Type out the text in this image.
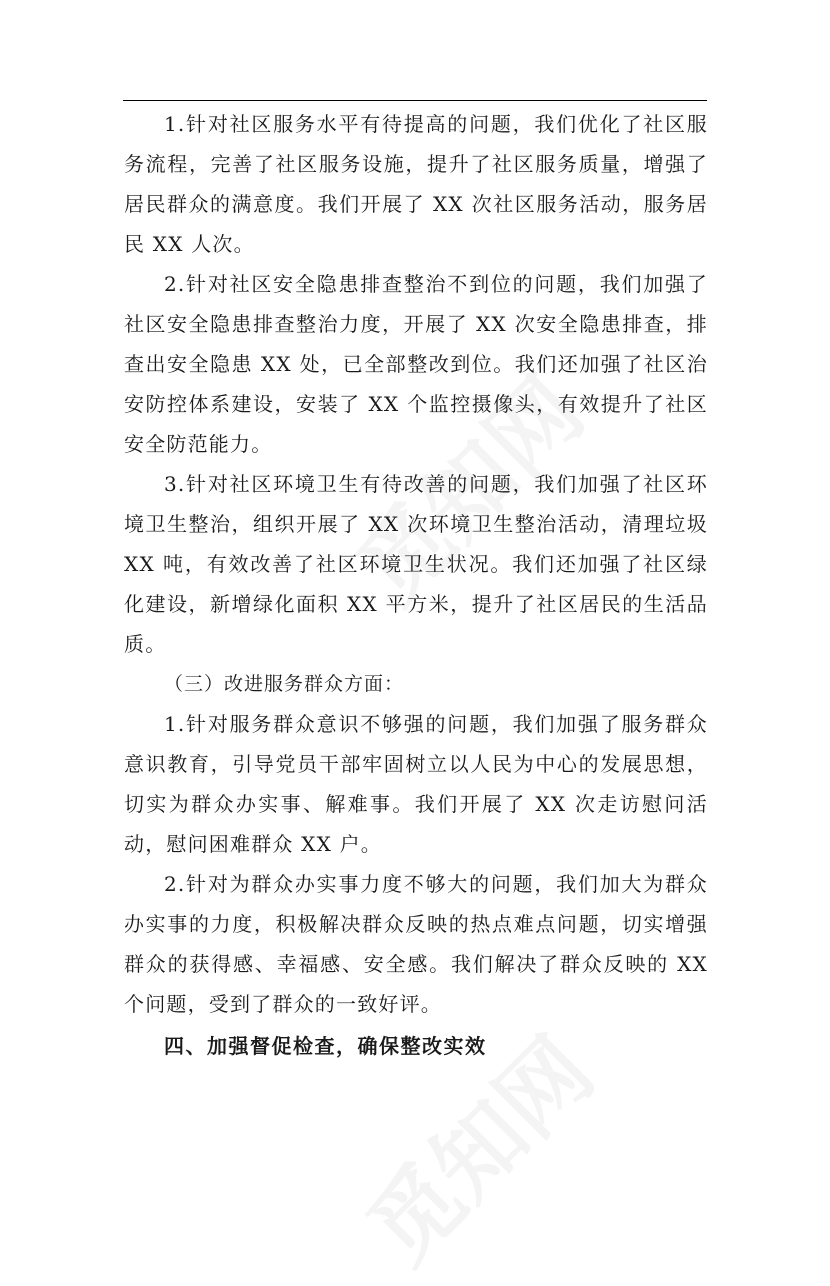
1.针对社区服务水平有待提高的问题，我们优化了社区服务流程，完善了社区服务设施，提升了社区服务质量，增强了居民群众的满意度。我们开展了 XX 次社区服务活动，服务居民 XX 人次。

2.针对社区安全隐患排查整治不到位的问题，我们加强了社区安全隐患排查整治力度，开展了 XX 次安全隐患排查，排查出安全隐患 XX 处，已全部整改到位。我们还加强了社区治安防控体系建设，安装了 XX 个监控摄像头，有效提升了社区安全防范能力。

3.针对社区环境卫生有待改善的问题，我们加强了社区环境卫生整治，组织开展了 XX 次环境卫生整治活动，清理垃圾 XX 吨，有效改善了社区环境卫生状况。我们还加强了社区绿化建设，新增绿化面积 XX 平方米，提升了社区居民的生活品质。

（三）改进服务群众方面：

1.针对服务群众意识不够强的问题，我们加强了服务群众意识教育，引导党员干部牢固树立以人民为中心的发展思想，切实为群众办实事、解难事。我们开展了 XX 次走访慰问活动，慰问困难群众 XX 户。

2.针对为群众办实事力度不够大的问题，我们加大为群众办实事的力度，积极解决群众反映的热点难点问题，切实增强群众的获得感、幸福感、安全感。我们解决了群众反映的 XX 个问题，受到了群众的一致好评。

四、加强督促检查，确保整改实效
